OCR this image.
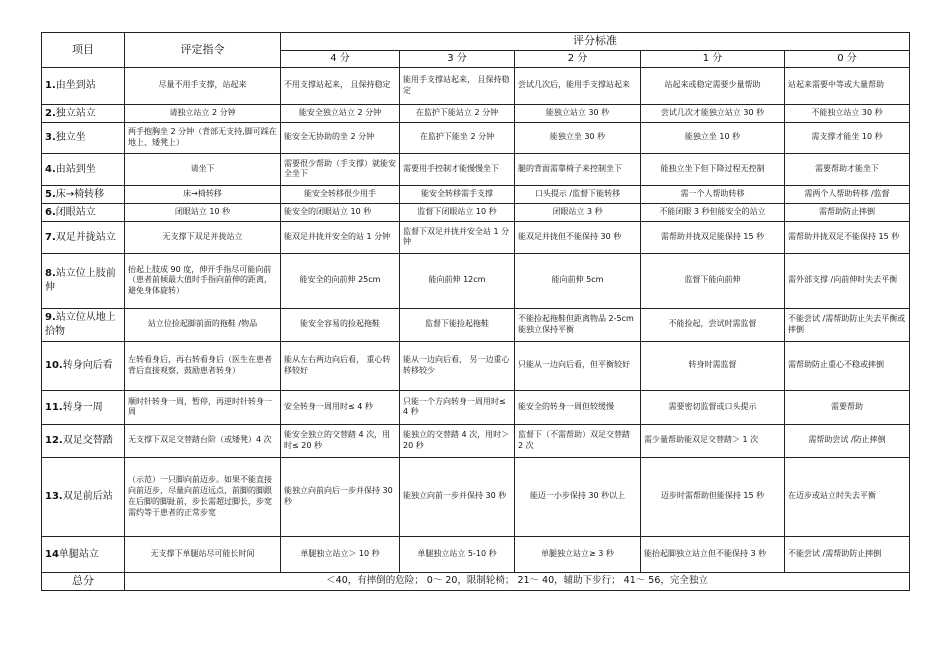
项目	评定指令	评分标准				
		4 分	3 分	2 分	1 分	0 分
1.由坐到站	尽量不用手支撑，站起来	不用支撑站起来， 且保持稳定	能用手支撑站起来， 且保持稳定	尝试几次后，能用手支撑站起来	站起来或稳定需要少量帮助	站起来需要中等或大量帮助
2.独立站立	请独立站立 2 分钟	能安全独立站立 2 分钟	在监护下能站立 2 分钟	能独立站立 30 秒	尝试几次才能独立站立 30 秒	不能独立站立 30 秒
3.独立坐	两手抱胸坐 2 分钟（背部无支持,脚可踩在地上、矮凳上）	能安全无协助的坐 2 分钟	在监护下能坐 2 分钟	能独立坐 30 秒	能独立坐 10 秒	需支撑才能坐 10 秒
4.由站到坐	请坐下	需要很少帮助（手支撑）就能安全坐下	需要用手控制才能慢慢坐下	腿的背面需靠椅子来控制坐下	能独立坐下但下降过程无控制	需要帮助才能坐下
5.床→椅转移	床→椅转移	能安全转移很少用手	能安全转移需手支撑	口头提示 /监督下能转移	需一个人帮助转移	需两个人帮助转移 /监督
6.闭眼站立	闭眼站立 10 秒	能安全的闭眼站立 10 秒	监督下闭眼站立 10 秒	闭眼站立 3 秒	不能闭眼 3 秒但能安全的站立	需帮助防止摔倒
7.双足并拢站立	无支撑下双足并拢站立	能双足并拢并安全的站 1 分钟	监督下双足并拢并安全站 1 分钟	能双足并拢但不能保持 30 秒	需帮助并拢双足能保持 15 秒	需帮助并拢双足不能保持 15 秒
8.站立位上肢前伸	抬起上肢成 90 度，伸开手指尽可能向前（患者前倾最大值时手指向前伸的距离，避免身体旋转）	能安全的向前伸 25cm	能向前伸 12cm	能向前伸 5cm	监督下能向前伸	需外部支撑 /向前伸时失去平衡
9.站立位从地上拾物	站立位捡起脚前面的拖鞋 /物品	能安全容易的捡起拖鞋	监督下能捡起拖鞋	不能捡起拖鞋但距离物品 2-5cm 能独立保持平衡	不能捡起，尝试时需监督	不能尝试 /需帮助防止失去平衡或摔倒
10.转身向后看	左转看身后，再右转看身后（医生在患者背后直接观察，鼓励患者转身）	能从左右两边向后看， 重心转移较好	能从一边向后看， 另一边重心转移较少	只能从一边向后看，但平衡较好	转身时需监督	需帮助防止重心不稳或摔倒
11.转身一周	顺时针转身一周，暂停，再逆时针转身一周	安全转身一周用时≤ 4 秒	只能一个方向转身一周用时≤ 4 秒	能安全的转身一周但较缓慢	需要密切监督或口头提示	需要帮助
12.双足交替踏	无支撑下双足交替踏台阶（或矮凳）4 次	能安全独立的交替踏 4 次，用时≤ 20 秒	能独立的交替踏 4 次，用时＞ 20 秒	监督下（不需帮助）双足交替踏 2 次	需少量帮助能双足交替踏＞ 1 次	需帮助尝试 /防止摔倒
13.双足前后站	（示范）一只脚向前迈步。如果不能直接向前迈步，尽量向前迈远点，前脚的脚跟在后脚的脚趾前，步长需超过脚长，步宽需约等于患者的正常步宽	能独立向前向后一步并保持 30 秒	能独立向前一步并保持 30 秒	能迈一小步保持 30 秒以上	迈步时需帮助但能保持 15 秒	在迈步或站立时失去平衡
14单腿站立	无支撑下单腿站尽可能长时间	单腿独立站立＞ 10 秒	单腿独立站立 5-10 秒	单腿独立站立≥ 3 秒	能抬起脚独立站立但不能保持 3 秒	不能尝试 /需帮助防止摔倒
总分	＜40，有摔倒的危险； 0～ 20，限制轮椅； 21～ 40，辅助下步行； 41～ 56，完全独立					
